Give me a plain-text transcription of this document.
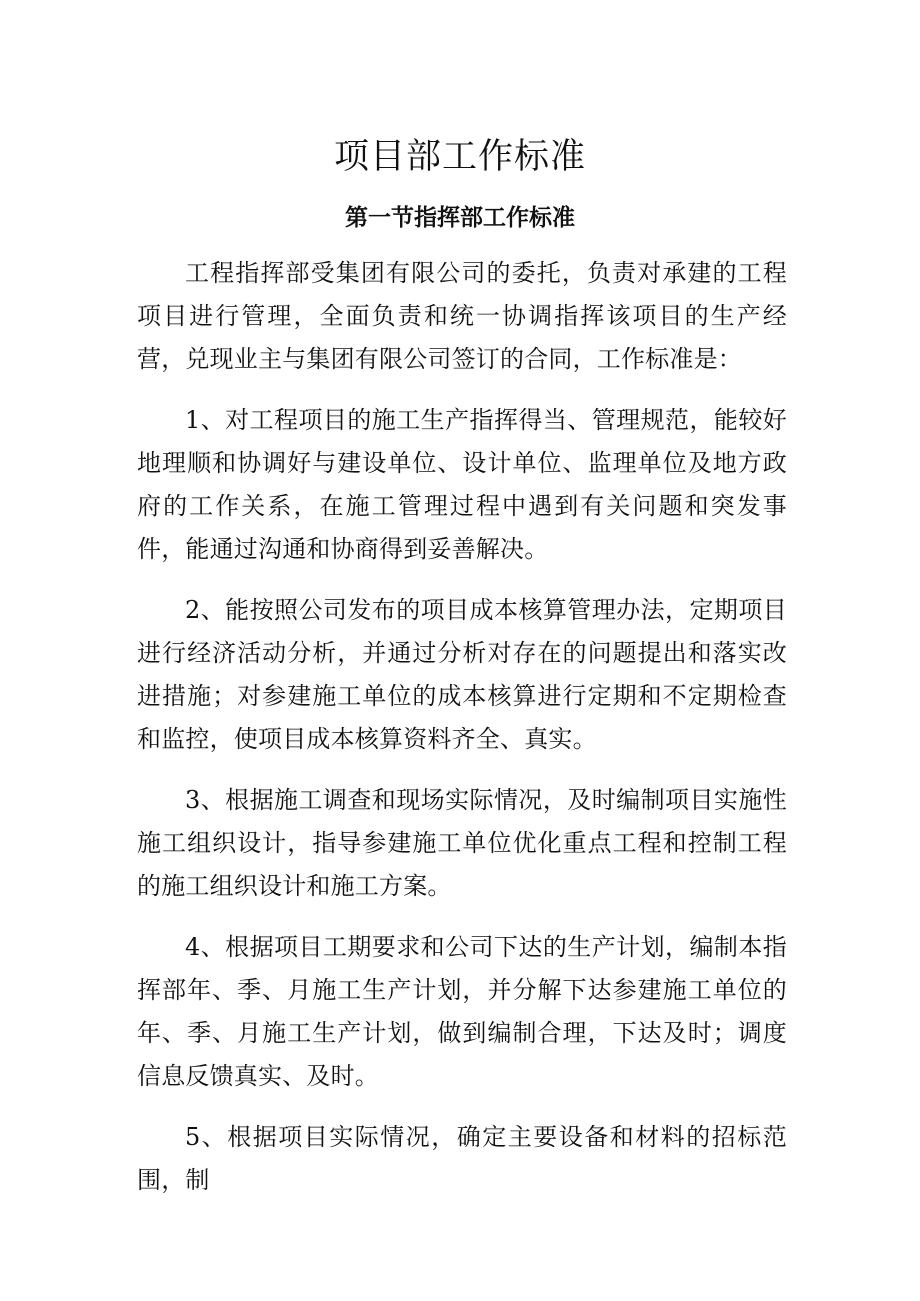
项目部工作标准
第一节指挥部工作标准

工程指挥部受集团有限公司的委托，负责对承建的工程项目进行管理，全面负责和统一协调指挥该项目的生产经营，兑现业主与集团有限公司签订的合同，工作标准是：

1、对工程项目的施工生产指挥得当、管理规范，能较好地理顺和协调好与建设单位、设计单位、监理单位及地方政府的工作关系，在施工管理过程中遇到有关问题和突发事件，能通过沟通和协商得到妥善解决。

2、能按照公司发布的项目成本核算管理办法，定期项目进行经济活动分析，并通过分析对存在的问题提出和落实改进措施；对参建施工单位的成本核算进行定期和不定期检查和监控，使项目成本核算资料齐全、真实。

3、根据施工调查和现场实际情况，及时编制项目实施性施工组织设计，指导参建施工单位优化重点工程和控制工程的施工组织设计和施工方案。

4、根据项目工期要求和公司下达的生产计划，编制本指挥部年、季、月施工生产计划，并分解下达参建施工单位的年、季、月施工生产计划，做到编制合理，下达及时；调度信息反馈真实、及时。

5、根据项目实际情况，确定主要设备和材料的招标范围，制
